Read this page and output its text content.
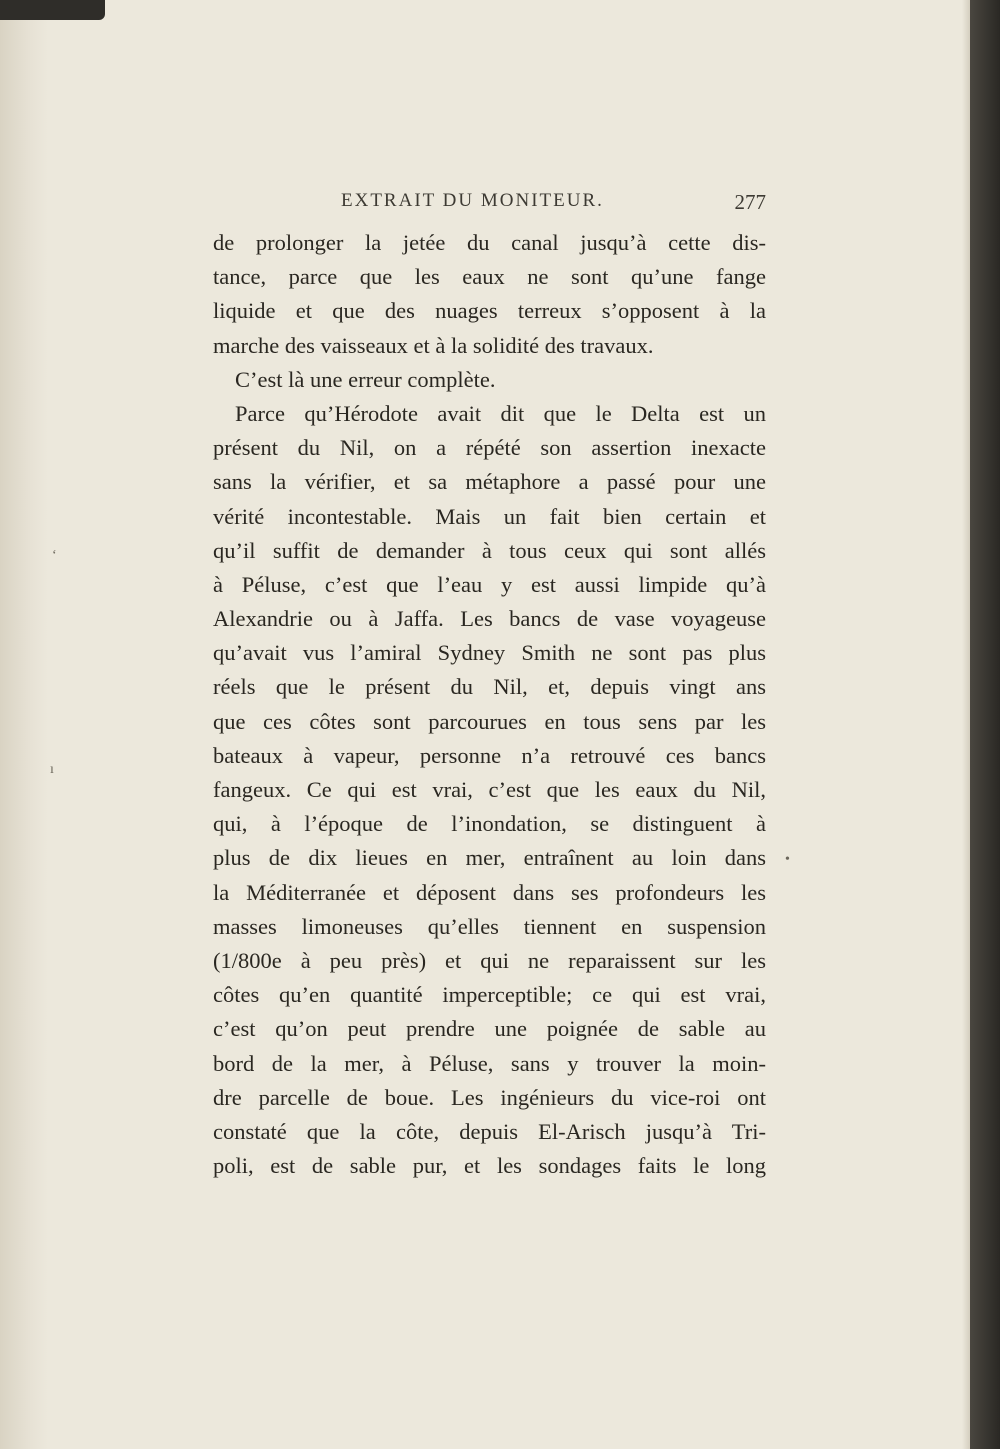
EXTRAIT DU MONITEUR.	277
de prolonger la jetée du canal jusqu’à cette dis-
tance, parce que les eaux ne sont qu’une fange
liquide et que des nuages terreux s’opposent à la
marche des vaisseaux et à la solidité des travaux.
C’est là une erreur complète.
Parce qu’Hérodote avait dit que le Delta est un
présent du Nil, on a répété son assertion inexacte
sans la vérifier, et sa métaphore a passé pour une
vérité incontestable. Mais un fait bien certain et
qu’il suffit de demander à tous ceux qui sont allés
à Péluse, c’est que l’eau y est aussi limpide qu’à
Alexandrie ou à Jaffa. Les bancs de vase voyageuse
qu’avait vus l’amiral Sydney Smith ne sont pas plus
réels que le présent du Nil, et, depuis vingt ans
que ces côtes sont parcourues en tous sens par les
bateaux à vapeur, personne n’a retrouvé ces bancs
fangeux. Ce qui est vrai, c’est que les eaux du Nil,
qui, à l’époque de l’inondation, se distinguent à
plus de dix lieues en mer, entraînent au loin dans
la Méditerranée et déposent dans ses profondeurs les
masses limoneuses qu’elles tiennent en suspension
(1/800e à peu près) et qui ne reparaissent sur les
côtes qu’en quantité imperceptible; ce qui est vrai,
c’est qu’on peut prendre une poignée de sable au
bord de la mer, à Péluse, sans y trouver la moin-
dre parcelle de boue. Les ingénieurs du vice-roi ont
constaté que la côte, depuis El-Arisch jusqu’à Tri-
poli, est de sable pur, et les sondages faits le long
ʻ
ı
•
